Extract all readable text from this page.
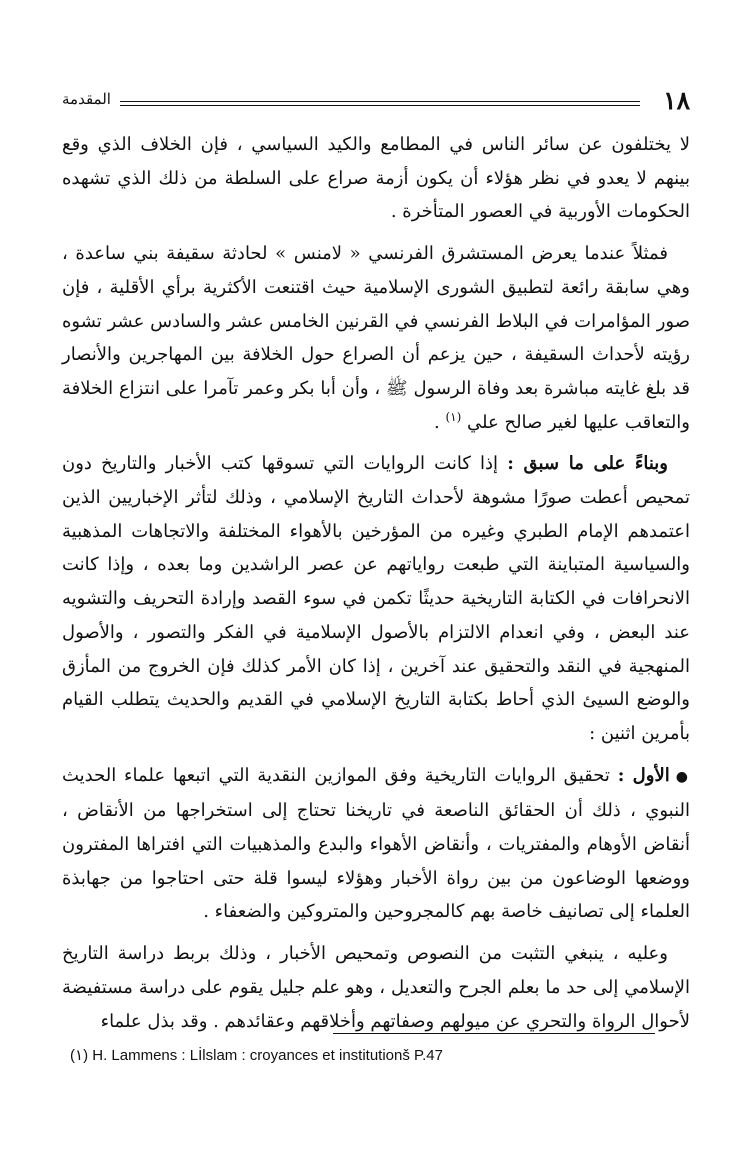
١٨
المقدمة

لا يختلفون عن سائر الناس في المطامع والكيد السياسي ، فإن الخلاف الذي وقع بينهم لا يعدو في نظر هؤلاء أن يكون أزمة صراع على السلطة من ذلك الذي تشهده الحكومات الأوربية في العصور المتأخرة .

فمثلاً عندما يعرض المستشرق الفرنسي « لامنس » لحادثة سقيفة بني ساعدة ، وهي سابقة رائعة لتطبيق الشورى الإسلامية حيث اقتنعت الأكثرية برأي الأقلية ، فإن صور المؤامرات في البلاط الفرنسي في القرنين الخامس عشر والسادس عشر تشوه رؤيته لأحداث السقيفة ، حين يزعم أن الصراع حول الخلافة بين المهاجرين والأنصار قد بلغ غايته مباشرة بعد وفاة الرسول ﷺ ، وأن أبا بكر وعمر تآمرا على انتزاع الخلافة والتعاقب عليها لغير صالح علي $^{(١)}$ .

وبناءً على ما سبق : إذا كانت الروايات التي تسوقها كتب الأخبار والتاريخ دون تمحيص أعطت صورًا مشوهة لأحداث التاريخ الإسلامي ، وذلك لتأثر الإخباريين الذين اعتمدهم الإمام الطبري وغيره من المؤرخين بالأهواء المختلفة والاتجاهات المذهبية والسياسية المتباينة التي طبعت رواياتهم عن عصر الراشدين وما بعده ، وإذا كانت الانحرافات في الكتابة التاريخية حديثًا تكمن في سوء القصد وإرادة التحريف والتشويه عند البعض ، وفي انعدام الالتزام بالأصول الإسلامية في الفكر والتصور ، والأصول المنهجية في النقد والتحقيق عند آخرين ، إذا كان الأمر كذلك فإن الخروج من المأزق والوضع السيئ الذي أحاط بكتابة التاريخ الإسلامي في القديم والحديث يتطلب القيام بأمرين اثنين :

●الأول : تحقيق الروايات التاريخية وفق الموازين النقدية التي اتبعها علماء الحديث النبوي ، ذلك أن الحقائق الناصعة في تاريخنا تحتاج إلى استخراجها من الأنقاض ، أنقاض الأوهام والمفتريات ، وأنقاض الأهواء والبدع والمذهبيات التي افتراها المفترون ووضعها الوضاعون من بين رواة الأخبار وهؤلاء ليسوا قلة حتى احتاجوا من جهابذة العلماء إلى تصانيف خاصة بهم كالمجروحين والمتروكين والضعفاء .

وعليه ، ينبغي التثبت من النصوص وتمحيص الأخبار ، وذلك بربط دراسة التاريخ الإسلامي إلى حد ما بعلم الجرح والتعديل ، وهو علم جليل يقوم على دراسة مستفيضة لأحوال الرواة والتحري عن ميولهم وصفاتهم وأخلاقهم وعقائدهم . وقد بذل علماء

(١) H. Lammens : Lİlslam : croyances et institutionš P.47
